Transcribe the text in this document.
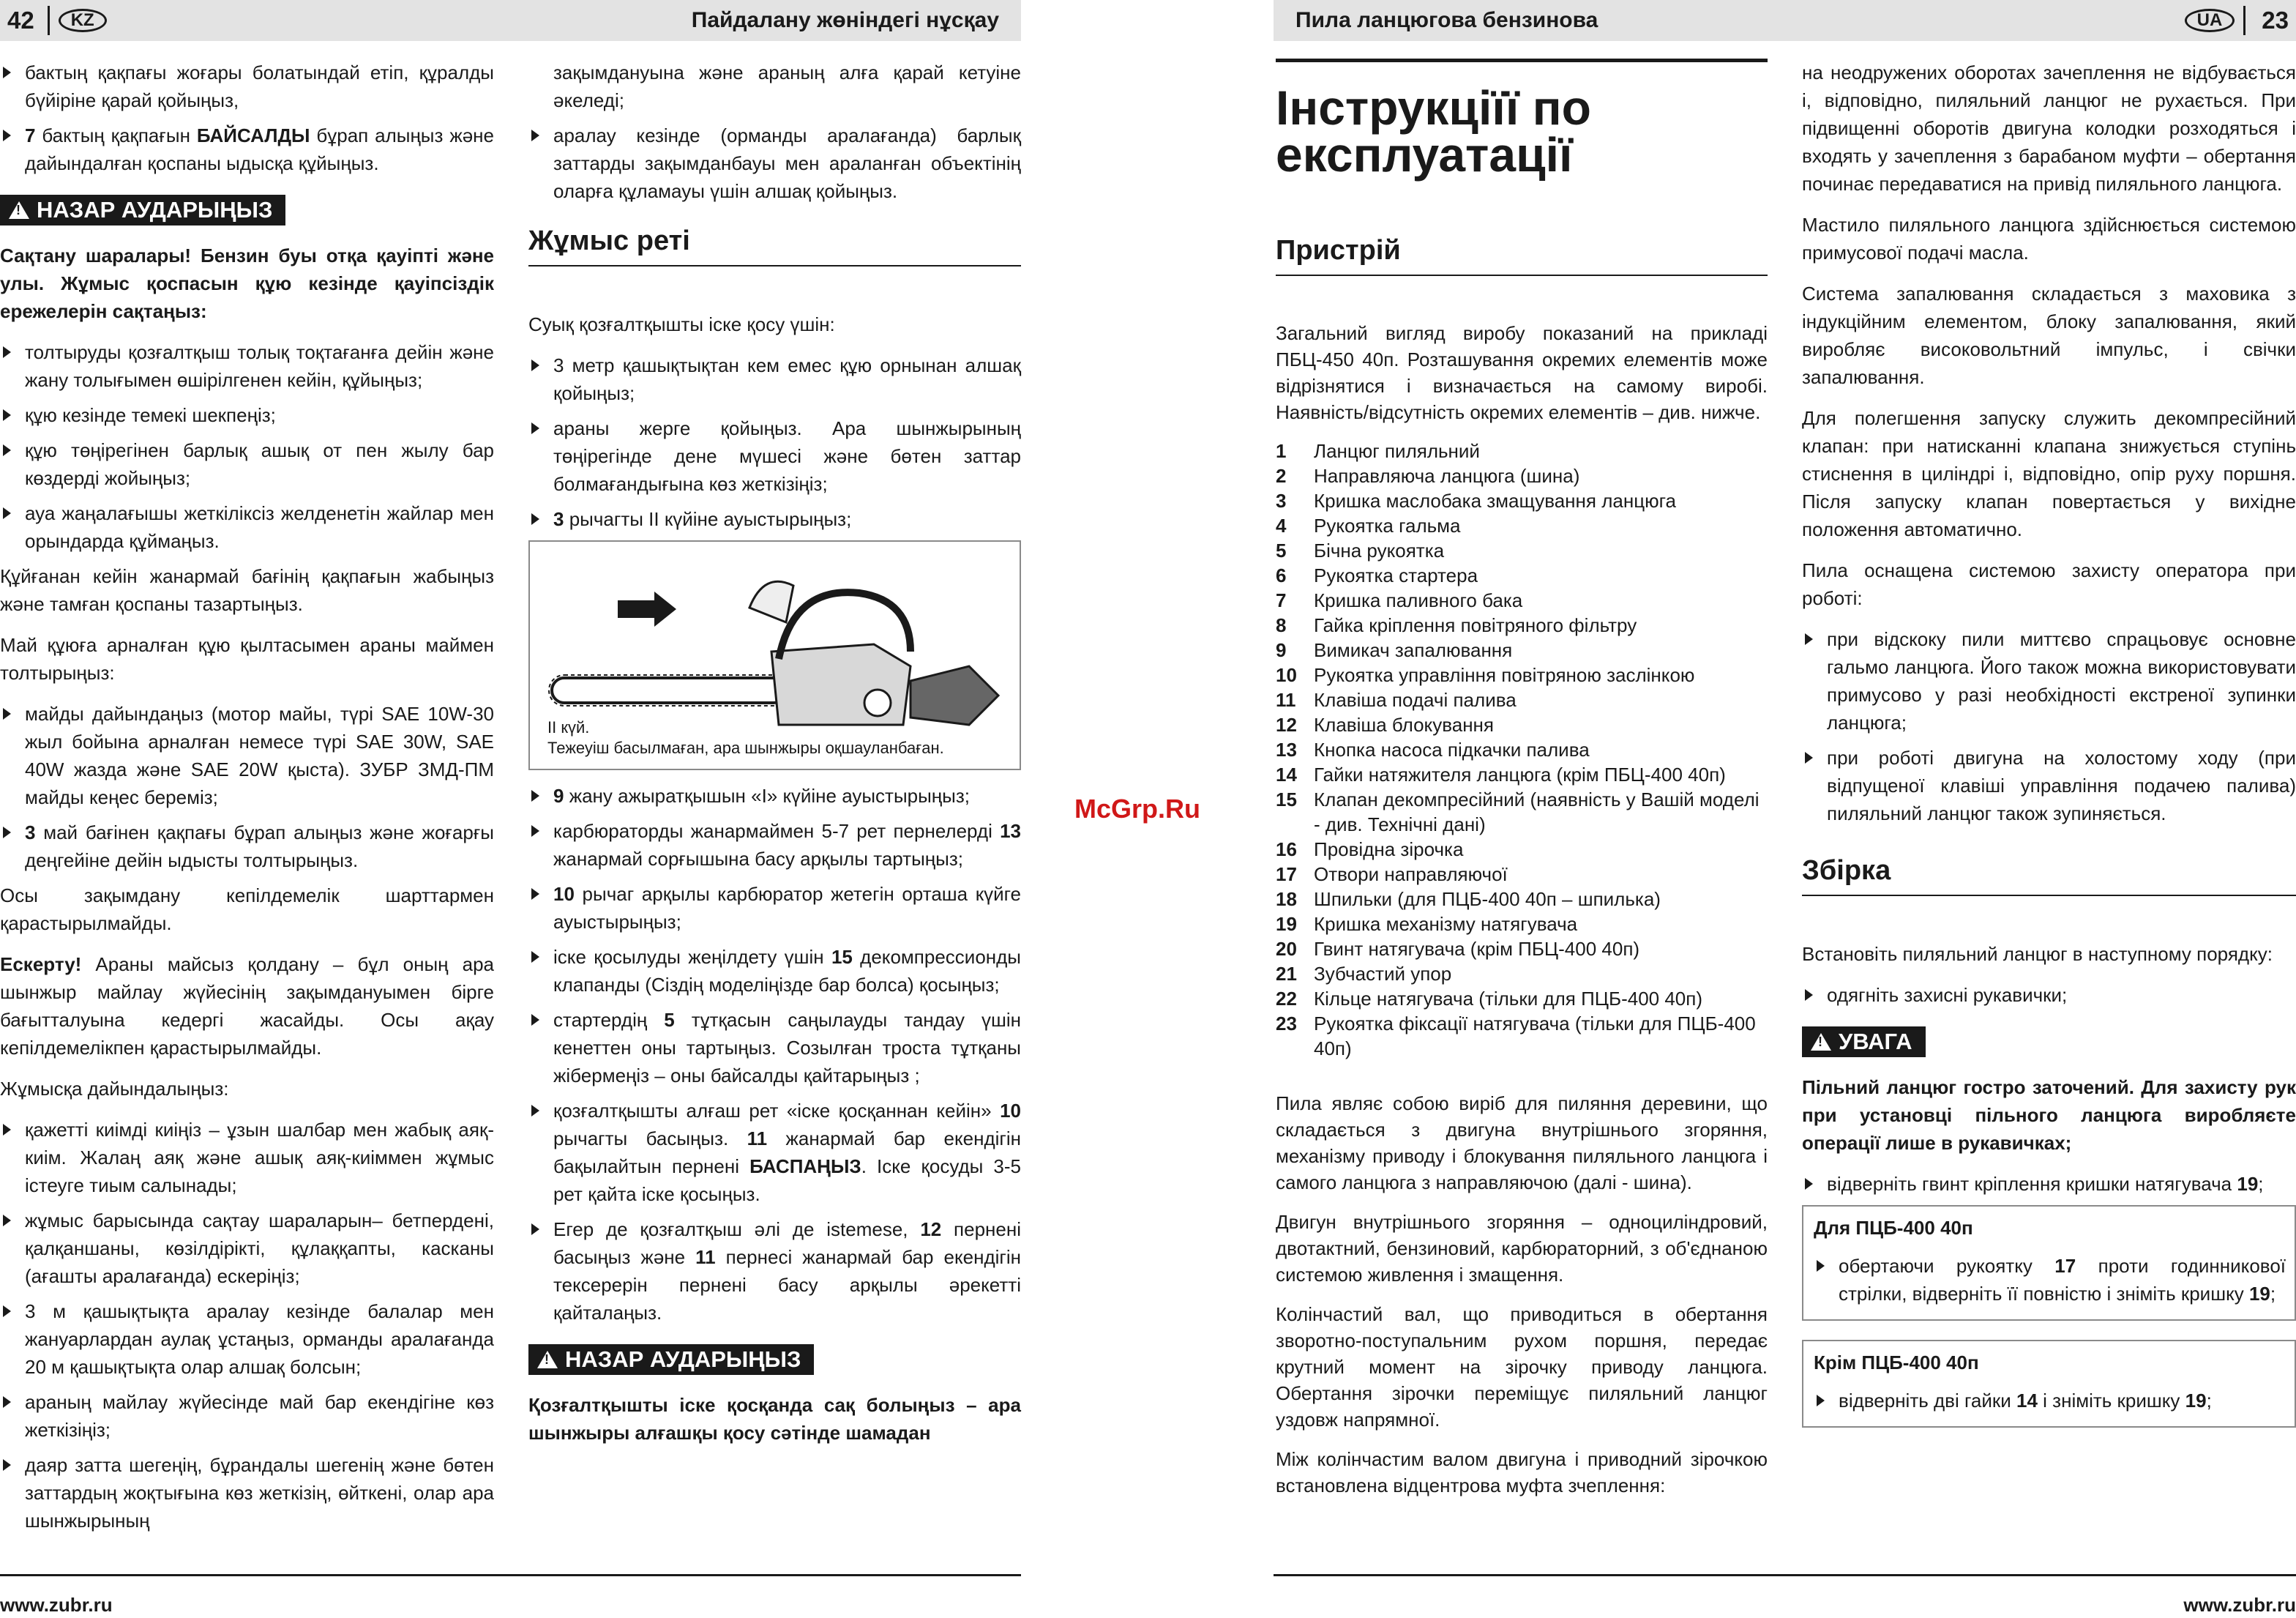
42	KZ	Пайдалану жөніндегі нұсқау
бактың қақпағы жоғары болатындай етіп, құралды бүйіріне қарай қойыңыз,
7 бактың қақпағын БАЙСАЛДЫ бұрап алыңыз және дайындалған қоспаны ыдысқа құйыңыз.
!
НАЗАР АУДАРЫҢЫЗ

Сақтану шаралары! Бензин буы отқа қауіпті және улы. Жұмыс қоспасын құю кезінде қауіпсіздік ережелерін сақтаңыз:

толтыруды қозғалтқыш толық тоқтағанға дейін және жану толығымен өшірілгенен кейін, құйыңыз;
құю кезінде темекі шекпеңіз;
құю төңірегінен барлық ашық от пен жылу бар көздерді жойыңыз;
ауа жаңалағышы жеткіліксіз желденетін жайлар мен орындарда құймаңыз.

Құйғанан кейін жанармай бағінің қақпағын жабыңыз және тамған қоспаны тазартыңыз.

Май құюға арналған құю қылтасымен араны маймен толтырыңыз:

майды дайындаңыз (мотор майы, түрі SAE 10W-30 жыл бойына арналған немесе түрі SAE 30W, SAE 40W жазда және SAE 20W қыста). ЗУБР ЗМД-ПМ майды кеңес береміз;
3 май бағінен қақпағы бұрап алыңыз және жоғарғы деңгейіне дейін ыдысты толтырыңыз.

Осы зақымдану кепілдемелік шарттармен қарастырылмайды.

Ескерту! Араны майсыз қолдану – бұл оның ара шынжыр майлау жүйесінің зақымдануымен бірге бағытталуына кедергі жасайды. Осы ақау кепілдемелікпен қарастырылмайды.

Жұмысқа дайындалыңыз:

қажетті киімді киіңіз – ұзын шалбар мен жабық аяқ-киім. Жалаң аяқ және ашық аяқ-киіммен жұмыс істеуге тиым салынады;
жұмыс барысында сақтау шараларын– бетпердені, қалқаншаны, көзілдірікті, құлаққапты, касканы (ағашты аралағанда) ескеріңіз;
3 м қашықтықта аралау кезінде балалар мен жануарлардан аулақ ұстаңыз, орманды аралағанда 20 м қашықтықта олар алшақ болсын;
араның майлау жүйесінде май бар екендігіне көз жеткізіңіз;
даяр затта шегеңің, бұрандалы шегенің және бөтен заттардың жоқтығына көз жеткізің, өйткені, олар ара шынжырының

зақымдануына және араның алға қарай кетуіне әкеледі;

аралау кезінде (орманды аралағанда) барлық заттарды зақымданбауы мен араланған объектінің оларға құламауы үшін алшақ қойыңыз.
Жұмыс реті

Суық қозғалтқышты іске қосу үшін:

3 метр қашықтықтан кем емес құю орнынан алшақ қойыңыз;
араны жерге қойыңыз. Ара шынжырының төңірегінде дене мүшесі және бөтен заттар болмағандығына көз жеткізіңіз;
3 рычагты II күйіне ауыстырыңыз;
II күй.
Тежеуіш басылмаған, ара шынжыры оқшауланбаған.
9 жану ажыратқышын «I» күйіне ауыстырыңыз;
карбюраторды жанармаймен 5-7 рет пернелерді 13 жанармай сорғышына басу арқылы тартыңыз;
10 рычаг арқылы карбюратор жетегін орташа күйге ауыстырыңыз;
іске қосылуды жеңілдету үшін 15 декомпрессионды клапанды (Сіздің моделіңізде бар болса) қосыңыз;
стартердің 5 тұтқасын саңылауды тандау үшін кенеттен оны тартыңыз. Созылған троста тұтқаны жібермеңіз – оны байсалды қайтарыңыз ;
қозғалтқышты алғаш рет «іске қосқаннан кейін» 10 рычагты басыңыз. 11 жанармай бар екендігін бақылайтын пернені БАСПАҢЫЗ. Іске қосуды 3-5 рет қайта іске қосыңыз.
Егер де қозғалтқыш әлі де іstemese, 12 пернені басыңыз және 11 пернесі жанармай бар екендігін тексерерін пернені басу арқылы әрекетті қайталаңыз.
!
НАЗАР АУДАРЫҢЫЗ

Қозғалтқышты іске қосқанда сақ болыңыз – ара шынжыры алғашқы қосу сәтінде шамадан

www.zubr.ru
McGrp.Ru
Пила ланцюгова бензинова	UA	23
Інструкціїї по експлуатації
Пристрій

Загальний вигляд виробу показаний на прикладі ПБЦ-450 40п. Розташування окремих елементів може відрізнятися і визначається на самому виробі. Наявність/відсутність окремих елементів – див. нижче.

1	Ланцюг пиляльний
2	Направляюча ланцюга (шина)
3	Кришка маслобака змащування ланцюга
4	Рукоятка гальма
5	Бічна рукоятка
6	Рукоятка стартера
7	Кришка паливного бака
8	Гайка кріплення повітряного фільтру
9	Вимикач запалювання
10 Рукоятка управління повітряною заслінкою
11 Клавіша подачі палива
12 Клавіша блокування
13 Кнопка насоса підкачки палива
14 Гайки натяжителя ланцюга (крім ПБЦ-400 40п)
15 Клапан декомпресійний (наявність у Вашій моделі - див. Технічні дані)
16 Провідна зірочка
17 Отвори направляючої
18 Шпильки (для ПЦБ-400 40п – шпилька)
19 Кришка механізму натягувача
20 Гвинт натягувача (крім ПБЦ-400 40п)
21 Зубчастий упор
22 Кільце натягувача (тільки для ПЦБ-400 40п)
23 Рукоятка фіксації натягувача (тільки для ПЦБ-400 40п)

Пила являє собою виріб для пиляння деревини, що складається з двигуна внутрішнього згоряння, механізму приводу і блокування пиляльного ланцюга і самого ланцюга з направляючою (далі - шина).

Двигун внутрішнього згоряння – одноциліндровий, двотактний, бензиновий, карбюраторний, з об'єднаною системою живлення і змащення.

Колінчастий вал, що приводиться в обертання зворотно-поступальним рухом поршня, передає крутний момент на зірочку приводу ланцюга. Обертання зірочки переміщує пиляльний ланцюг уздовж напрямної.

Між колінчастим валом двигуна і приводний зірочкою встановлена відцентрова муфта зчеплення:

на неодружених оборотах зачеплення не відбувається і, відповідно, пиляльний ланцюг не рухається. При підвищенні оборотів двигуна колодки розходяться і входять у зачеплення з барабаном муфти – обертання починає передаватися на привід пиляльного ланцюга.

Мастило пиляльного ланцюга здійснюється системою примусової подачі масла.

Система запалювання складається з маховика з індукційним елементом, блоку запалювання, який виробляє високовольтний імпульс, і свічки запалювання.

Для полегшення запуску служить декомпресійний клапан: при натисканні клапана знижується ступінь стиснення в циліндрі і, відповідно, опір руху поршня. Після запуску клапан повертається у вихідне положення автоматично.

Пила оснащена системою захисту оператора при роботі:

при відскоку пили миттєво спрацьовує основне гальмо ланцюга. Його також можна використовувати примусово у разі необхідності екстреної зупинки ланцюга;
при роботі двигуна на холостому ходу (при відпущеної клавіші управління подачею палива) пиляльний ланцюг також зупиняється.
Збірка

Встановіть пиляльний ланцюг в наступному порядку:

одягніть захисні рукавички;
!
УВАГА

Пільний ланцюг гостро заточений. Для захисту рук при установці пільного ланцюга виробляєте операції лише в рукавичках;

відверніть гвинт кріплення кришки натягувача 19;
Для ПЦБ-400 40п
обертаючи рукоятку 17 проти годинникової стрілки, відверніть її повністю і зніміть кришку 19;
Крім ПЦБ-400 40п
відверніть дві гайки 14 і зніміть кришку 19;
www.zubr.ru
